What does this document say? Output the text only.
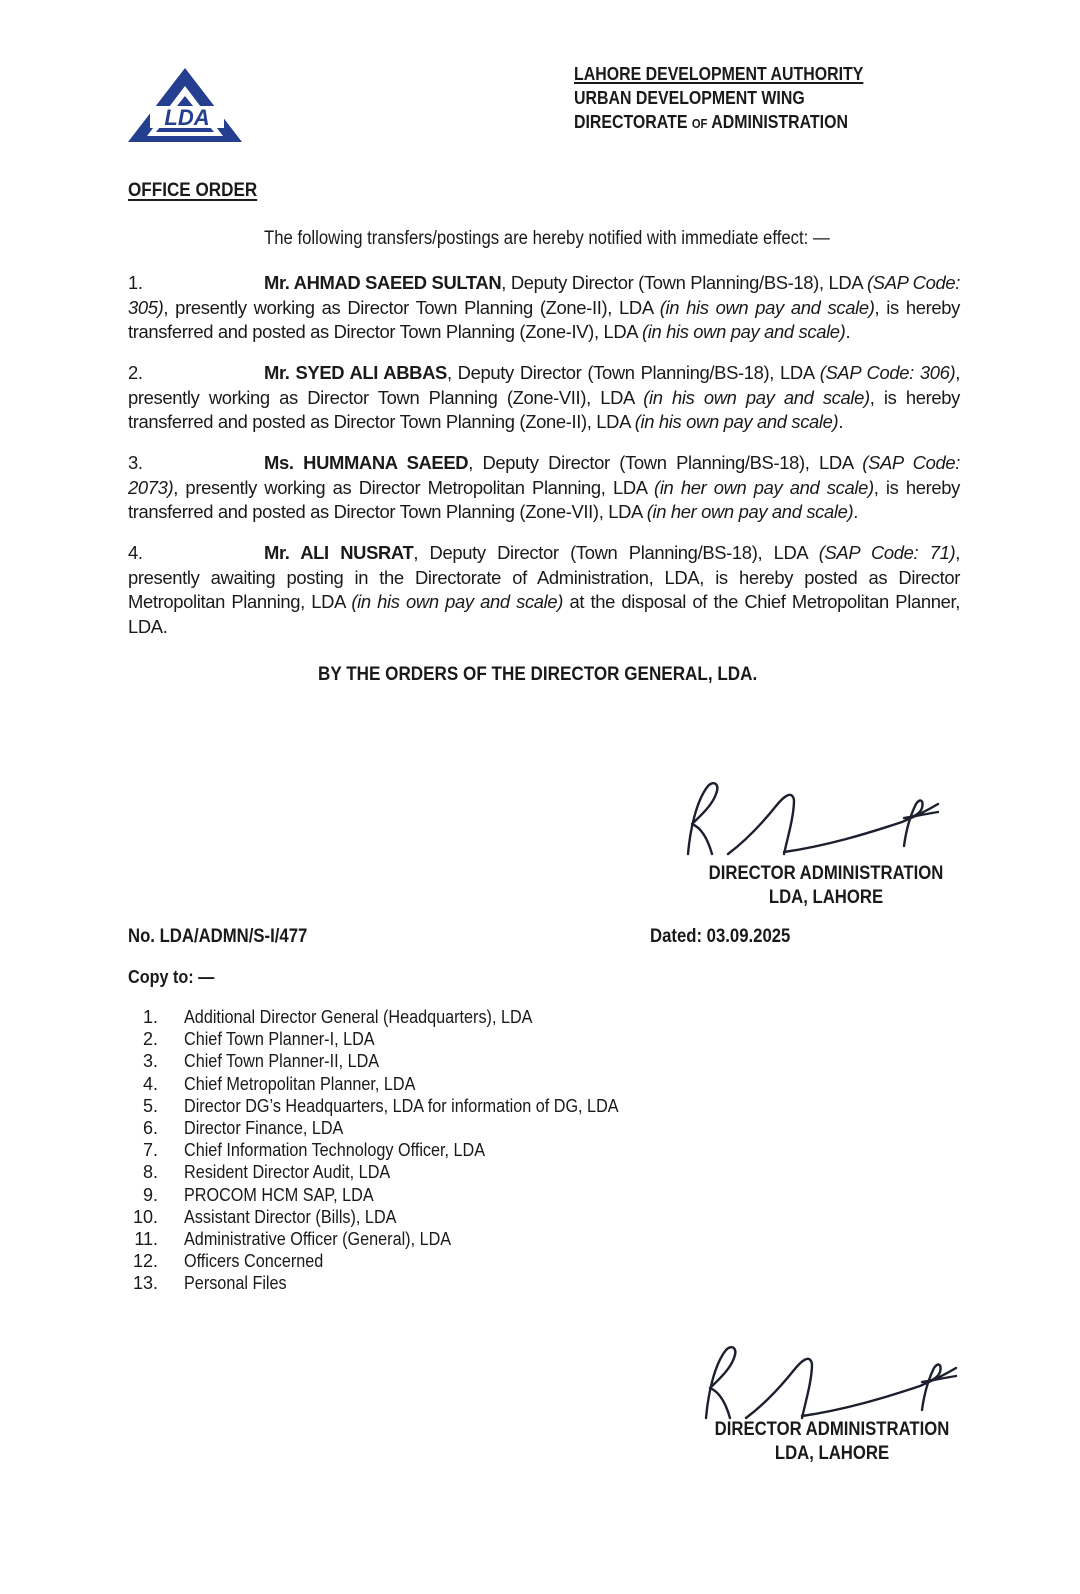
LDA
LAHORE DEVELOPMENT AUTHORITY
URBAN DEVELOPMENT WING
DIRECTORATE OF ADMINISTRATION
OFFICE ORDER
The following transfers/postings are hereby notified with immediate effect: —
1.	Mr. AHMAD SAEED SULTAN, Deputy Director (Town Planning/BS-18), LDA (SAP Code: 305), presently working as Director Town Planning (Zone-II), LDA (in his own pay and scale), is hereby transferred and posted as Director Town Planning (Zone-IV), LDA (in his own pay and scale).
2.	Mr. SYED ALI ABBAS, Deputy Director (Town Planning/BS-18), LDA (SAP Code: 306), presently working as Director Town Planning (Zone-VII), LDA (in his own pay and scale), is hereby transferred and posted as Director Town Planning (Zone-II), LDA (in his own pay and scale).
3.	Ms. HUMMANA SAEED, Deputy Director (Town Planning/BS-18), LDA (SAP Code: 2073), presently working as Director Metropolitan Planning, LDA (in her own pay and scale), is hereby transferred and posted as Director Town Planning (Zone-VII), LDA (in her own pay and scale).
4.	Mr. ALI NUSRAT, Deputy Director (Town Planning/BS-18), LDA (SAP Code: 71), presently awaiting posting in the Directorate of Administration, LDA, is hereby posted as Director Metropolitan Planning, LDA (in his own pay and scale) at the disposal of the Chief Metropolitan Planner, LDA.
BY THE ORDERS OF THE DIRECTOR GENERAL, LDA.
DIRECTOR ADMINISTRATION
LDA, LAHORE
No. LDA/ADMN/S-I/477	Dated: 03.09.2025
Copy to: —
1. Additional Director General (Headquarters), LDA
2. Chief Town Planner-I, LDA
3. Chief Town Planner-II, LDA
4. Chief Metropolitan Planner, LDA
5. Director DG’s Headquarters, LDA for information of DG, LDA
6. Director Finance, LDA
7. Chief Information Technology Officer, LDA
8. Resident Director Audit, LDA
9. PROCOM HCM SAP, LDA
10. Assistant Director (Bills), LDA
11. Administrative Officer (General), LDA
12. Officers Concerned
13. Personal Files
DIRECTOR ADMINISTRATION
LDA, LAHORE
